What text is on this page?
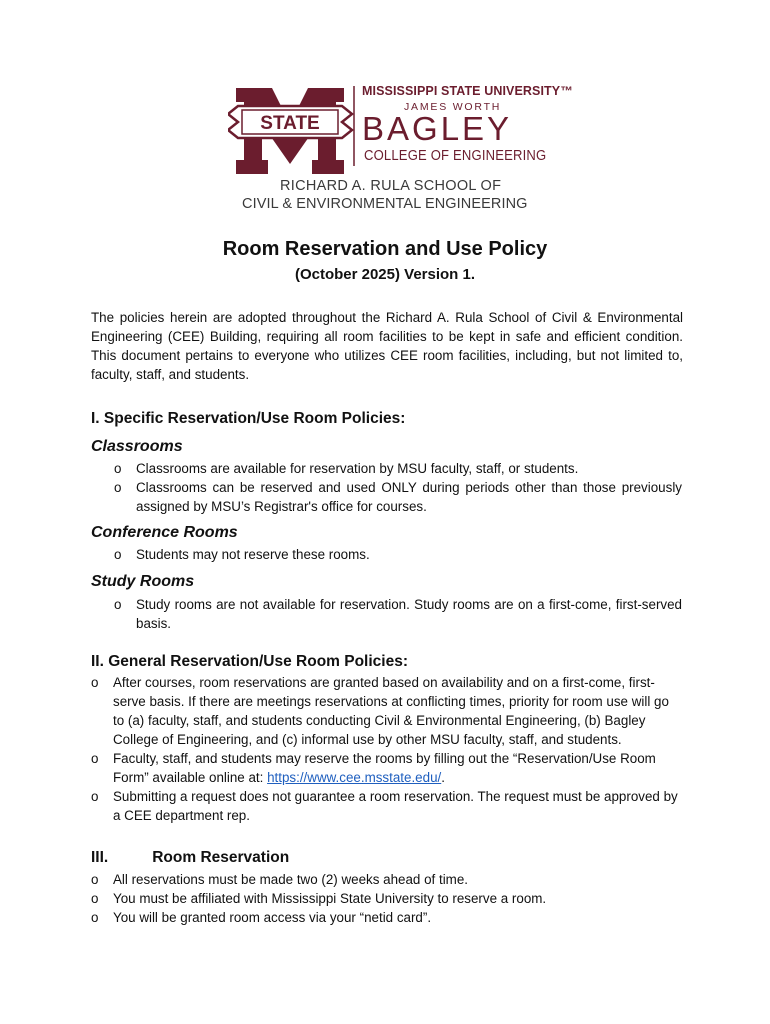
STATE
MISSISSIPPI STATE UNIVERSITY™
JAMES WORTH
BAGLEY
COLLEGE OF ENGINEERING
RICHARD A. RULA SCHOOL OF
CIVIL & ENVIRONMENTAL ENGINEERING
Room Reservation and Use Policy
(October 2025) Version 1.

The policies herein are adopted throughout the Richard A. Rula School of Civil & Environmental Engineering (CEE) Building, requiring all room facilities to be kept in safe and efficient condition. This document pertains to everyone who utilizes CEE room facilities, including, but not limited to, faculty, staff, and students.

I. Specific Reservation/Use Room Policies:
Classrooms
o Classrooms are available for reservation by MSU faculty, staff, or students.
o Classrooms can be reserved and used ONLY during periods other than those previously assigned by MSU’s Registrar's office for courses.
Conference Rooms
o Students may not reserve these rooms.
Study Rooms
o Study rooms are not available for reservation. Study rooms are on a first-come, first-served basis.
II. General Reservation/Use Room Policies:
o After courses, room reservations are granted based on availability and on a first-come, first-serve basis. If there are meetings reservations at conflicting times, priority for room use will go to (a) faculty, staff, and students conducting Civil & Environmental Engineering, (b) Bagley College of Engineering, and (c) informal use by other MSU faculty, staff, and students.
o Faculty, staff, and students may reserve the rooms by filling out the “Reservation/Use Room Form” available online at: https://www.cee.msstate.edu/.
o Submitting a request does not guarantee a room reservation. The request must be approved by a CEE department rep.
III.	Room Reservation
o All reservations must be made two (2) weeks ahead of time.
o You must be affiliated with Mississippi State University to reserve a room.
o You will be granted room access via your “netid card”.
